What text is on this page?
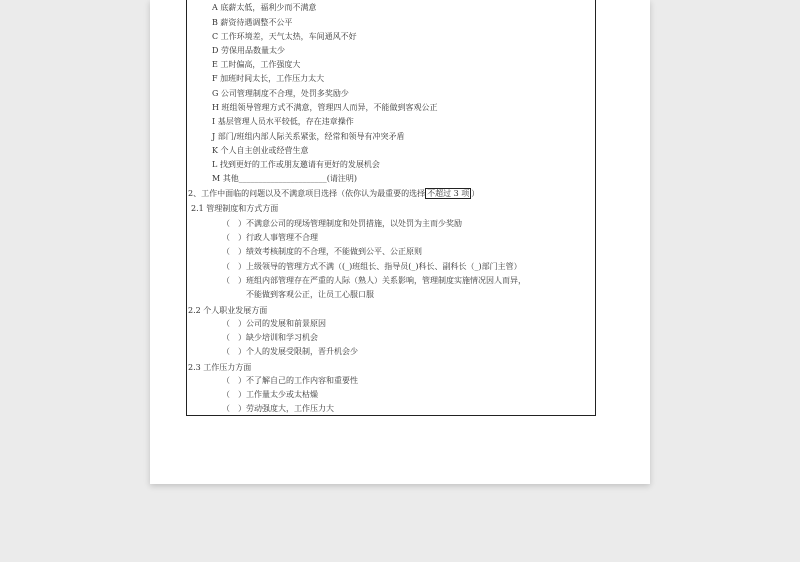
A 底薪太低，福利少而不满意
B 薪资待遇调整不公平
C 工作环境差，天气太热，车间通风不好
D 劳保用品数量太少
E 工时偏高，工作强度大
F 加班时间太长，工作压力太大
G 公司管理制度不合理，处罚多奖励少
H 班组领导管理方式不满意，管理四人而异，不能做到客观公正
I 基层管理人员水平较低，存在违章操作
J 部门/班组内部人际关系紧张，经常和领导有冲突矛盾
K 个人自主创业或经营生意
L 找到更好的工作或朋友邀请有更好的发展机会
M 其他______________________(请注明)
2、工作中面临的问题以及不满意项目选择（依你认为最重要的选择 不超过 3 项 ）
2.1 管理制度和方式方面
（　）不满意公司的现场管理制度和处罚措施，以处罚为主而少奖励
（　）行政人事管理不合理
（　）绩效考核制度的不合理，不能做到公平、公正原则
（　）上级领导的管理方式不满（(_)班组长、指导员(_)科长、副科长（_)部门主管）
（　）班组内部管理存在严重的人际（熟人）关系影响，管理制度实施情况因人而异，
　　　不能做到客观公正，让员工心服口服
2.2 个人职业发展方面
（　）公司的发展和前景原因
（　）缺少培训和学习机会
（　）个人的发展受限制，晋升机会少
2.3 工作压力方面
（　）不了解自己的工作内容和重要性
（　）工作量太少或太枯燥
（　）劳动强度大，工作压力大
